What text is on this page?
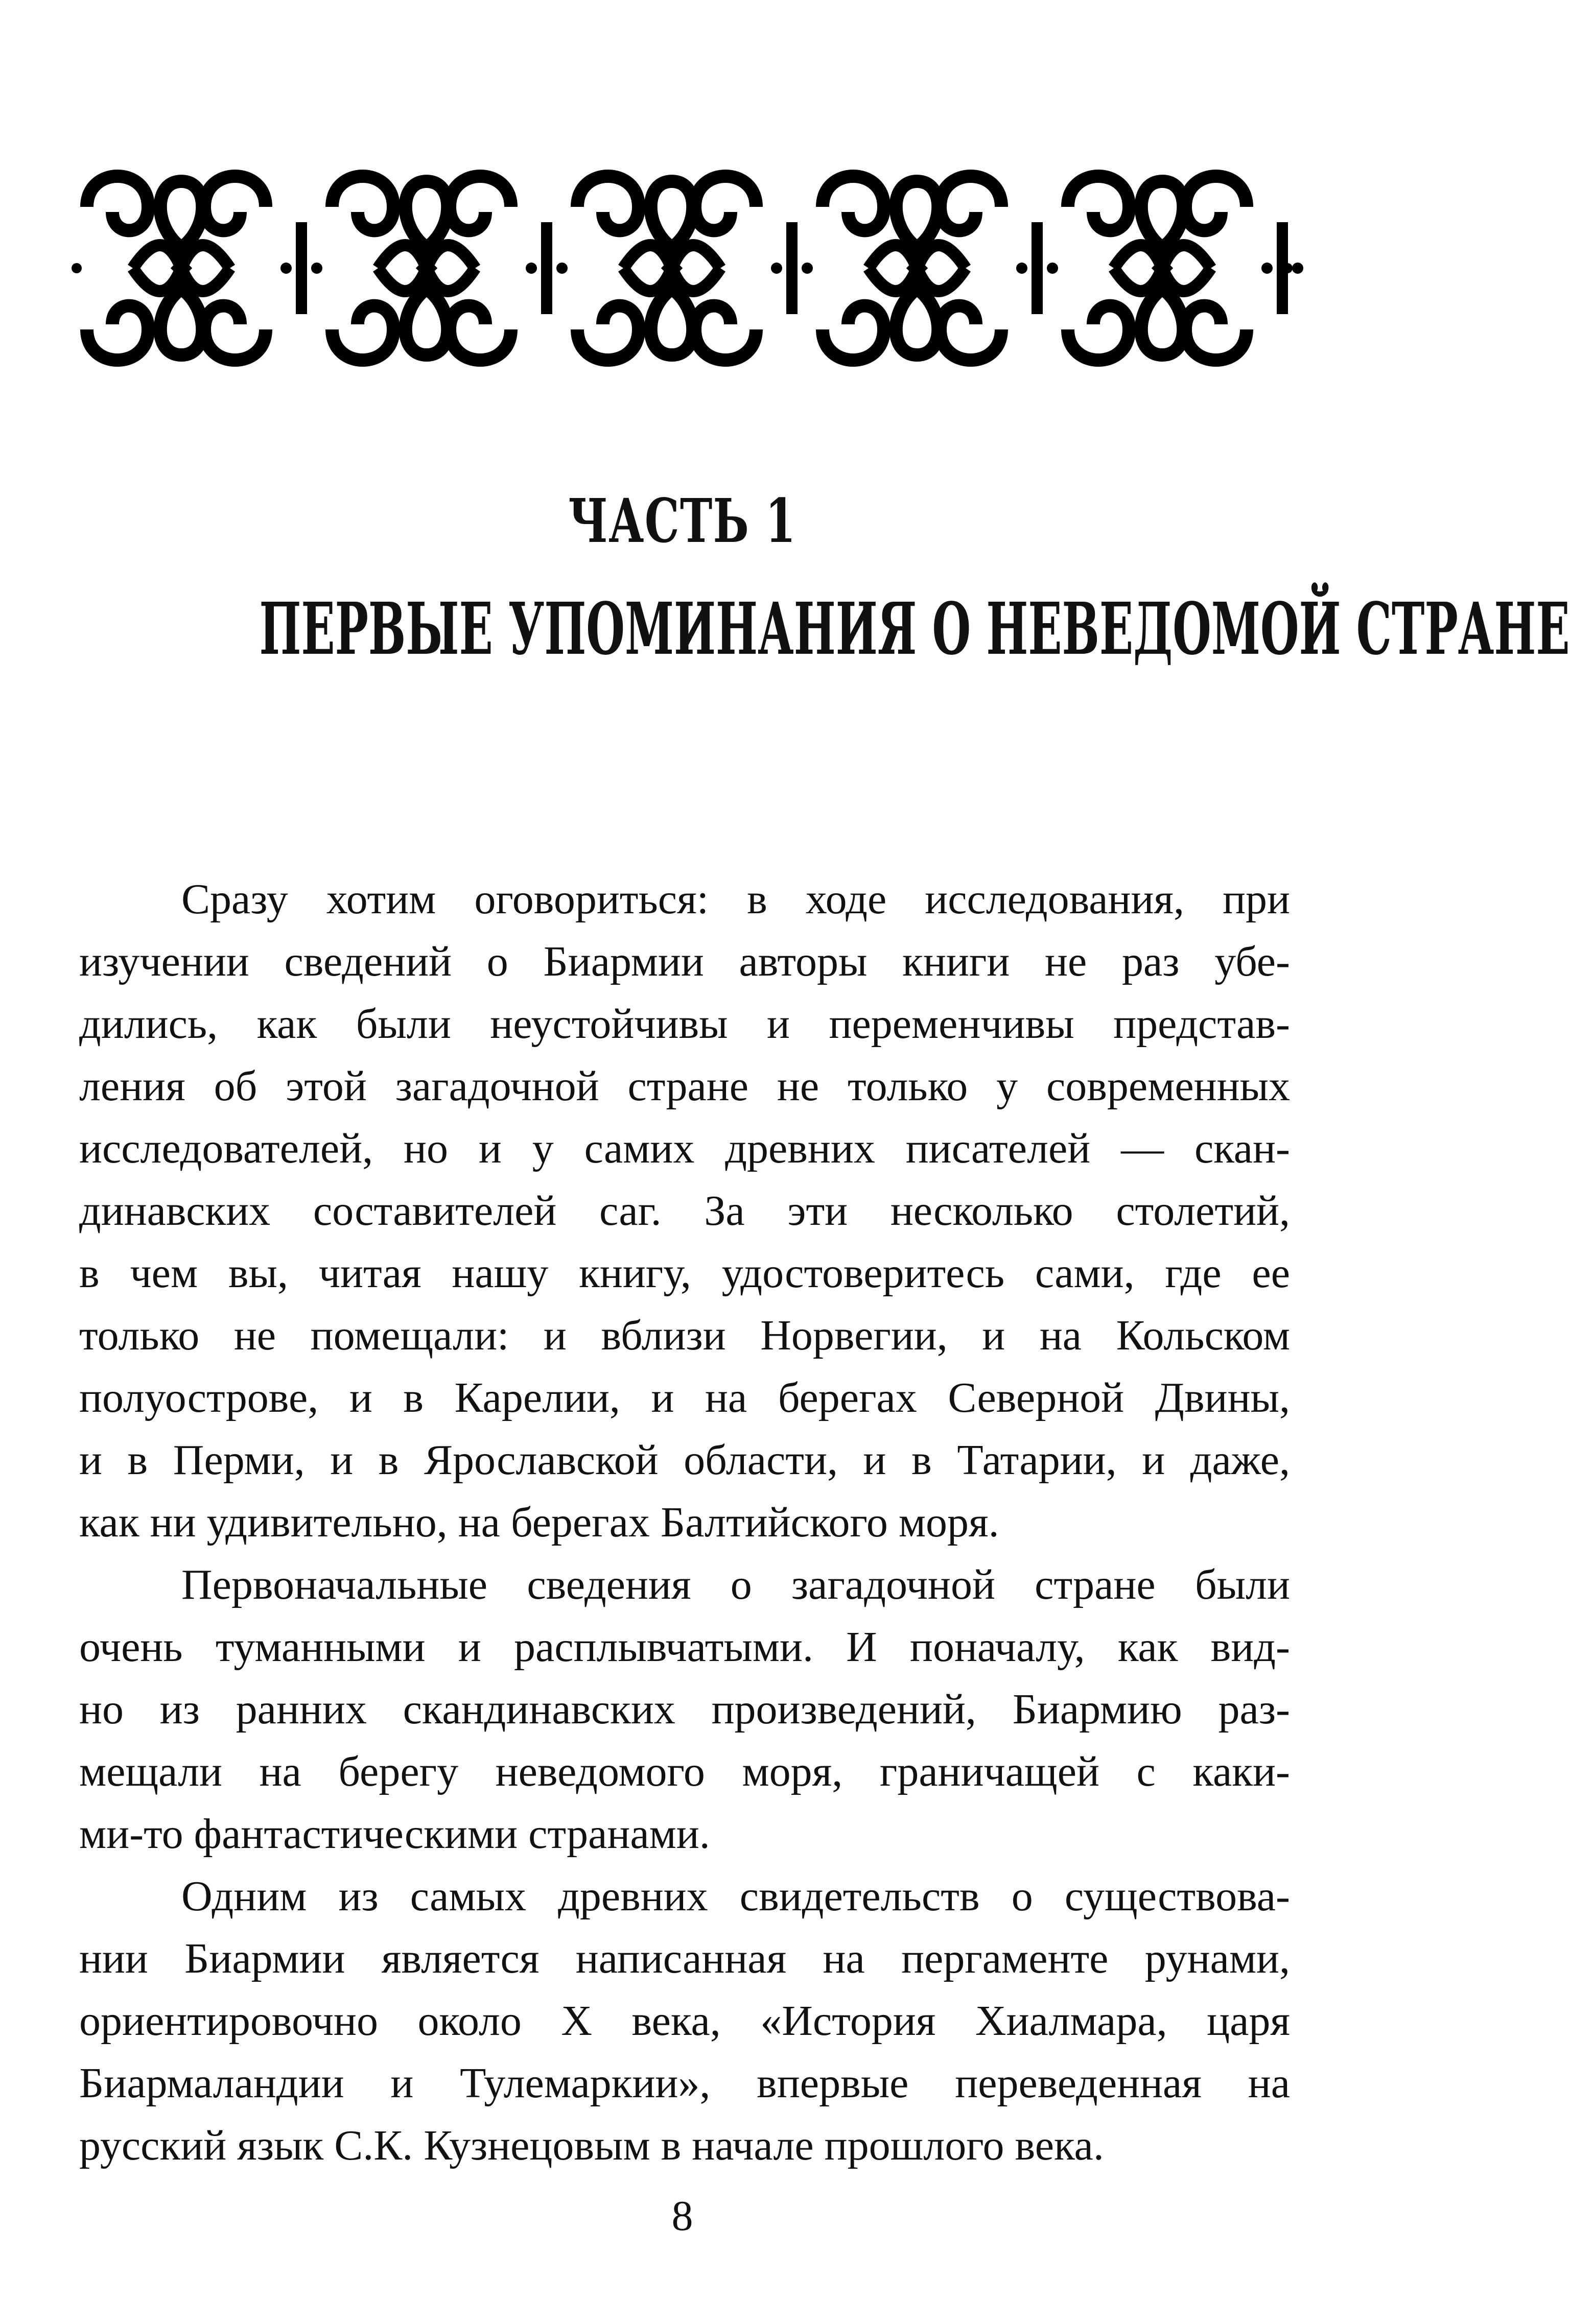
ЧАСТЬ 1
ПЕРВЫЕ УПОМИНАНИЯ О НЕВЕДОМОЙ СТРАНЕ
Сразу хотим оговориться: в ходе исследования, при
изучении сведений о Биармии авторы книги не раз убе-
дились, как были неустойчивы и переменчивы представ-
ления об этой загадочной стране не только у современных
исследователей, но и у самих древних писателей — скан-
динавских составителей саг. За эти несколько столетий,
в чем вы, читая нашу книгу, удостоверитесь сами, где ее
только не помещали: и вблизи Норвегии, и на Кольском
полуострове, и в Карелии, и на берегах Северной Двины,
и в Перми, и в Ярославской области, и в Татарии, и даже,
как ни удивительно, на берегах Балтийского моря.
Первоначальные сведения о загадочной стране были
очень туманными и расплывчатыми. И поначалу, как вид-
но из ранних скандинавских произведений, Биармию раз-
мещали на берегу неведомого моря, граничащей с каки-
ми-то фантастическими странами.
Одним из самых древних свидетельств о существова-
нии Биармии является написанная на пергаменте рунами,
ориентировочно около X века, «История Хиалмара, царя
Биармаландии и Тулемаркии», впервые переведенная на
русский язык С.К. Кузнецовым в начале прошлого века.
8
